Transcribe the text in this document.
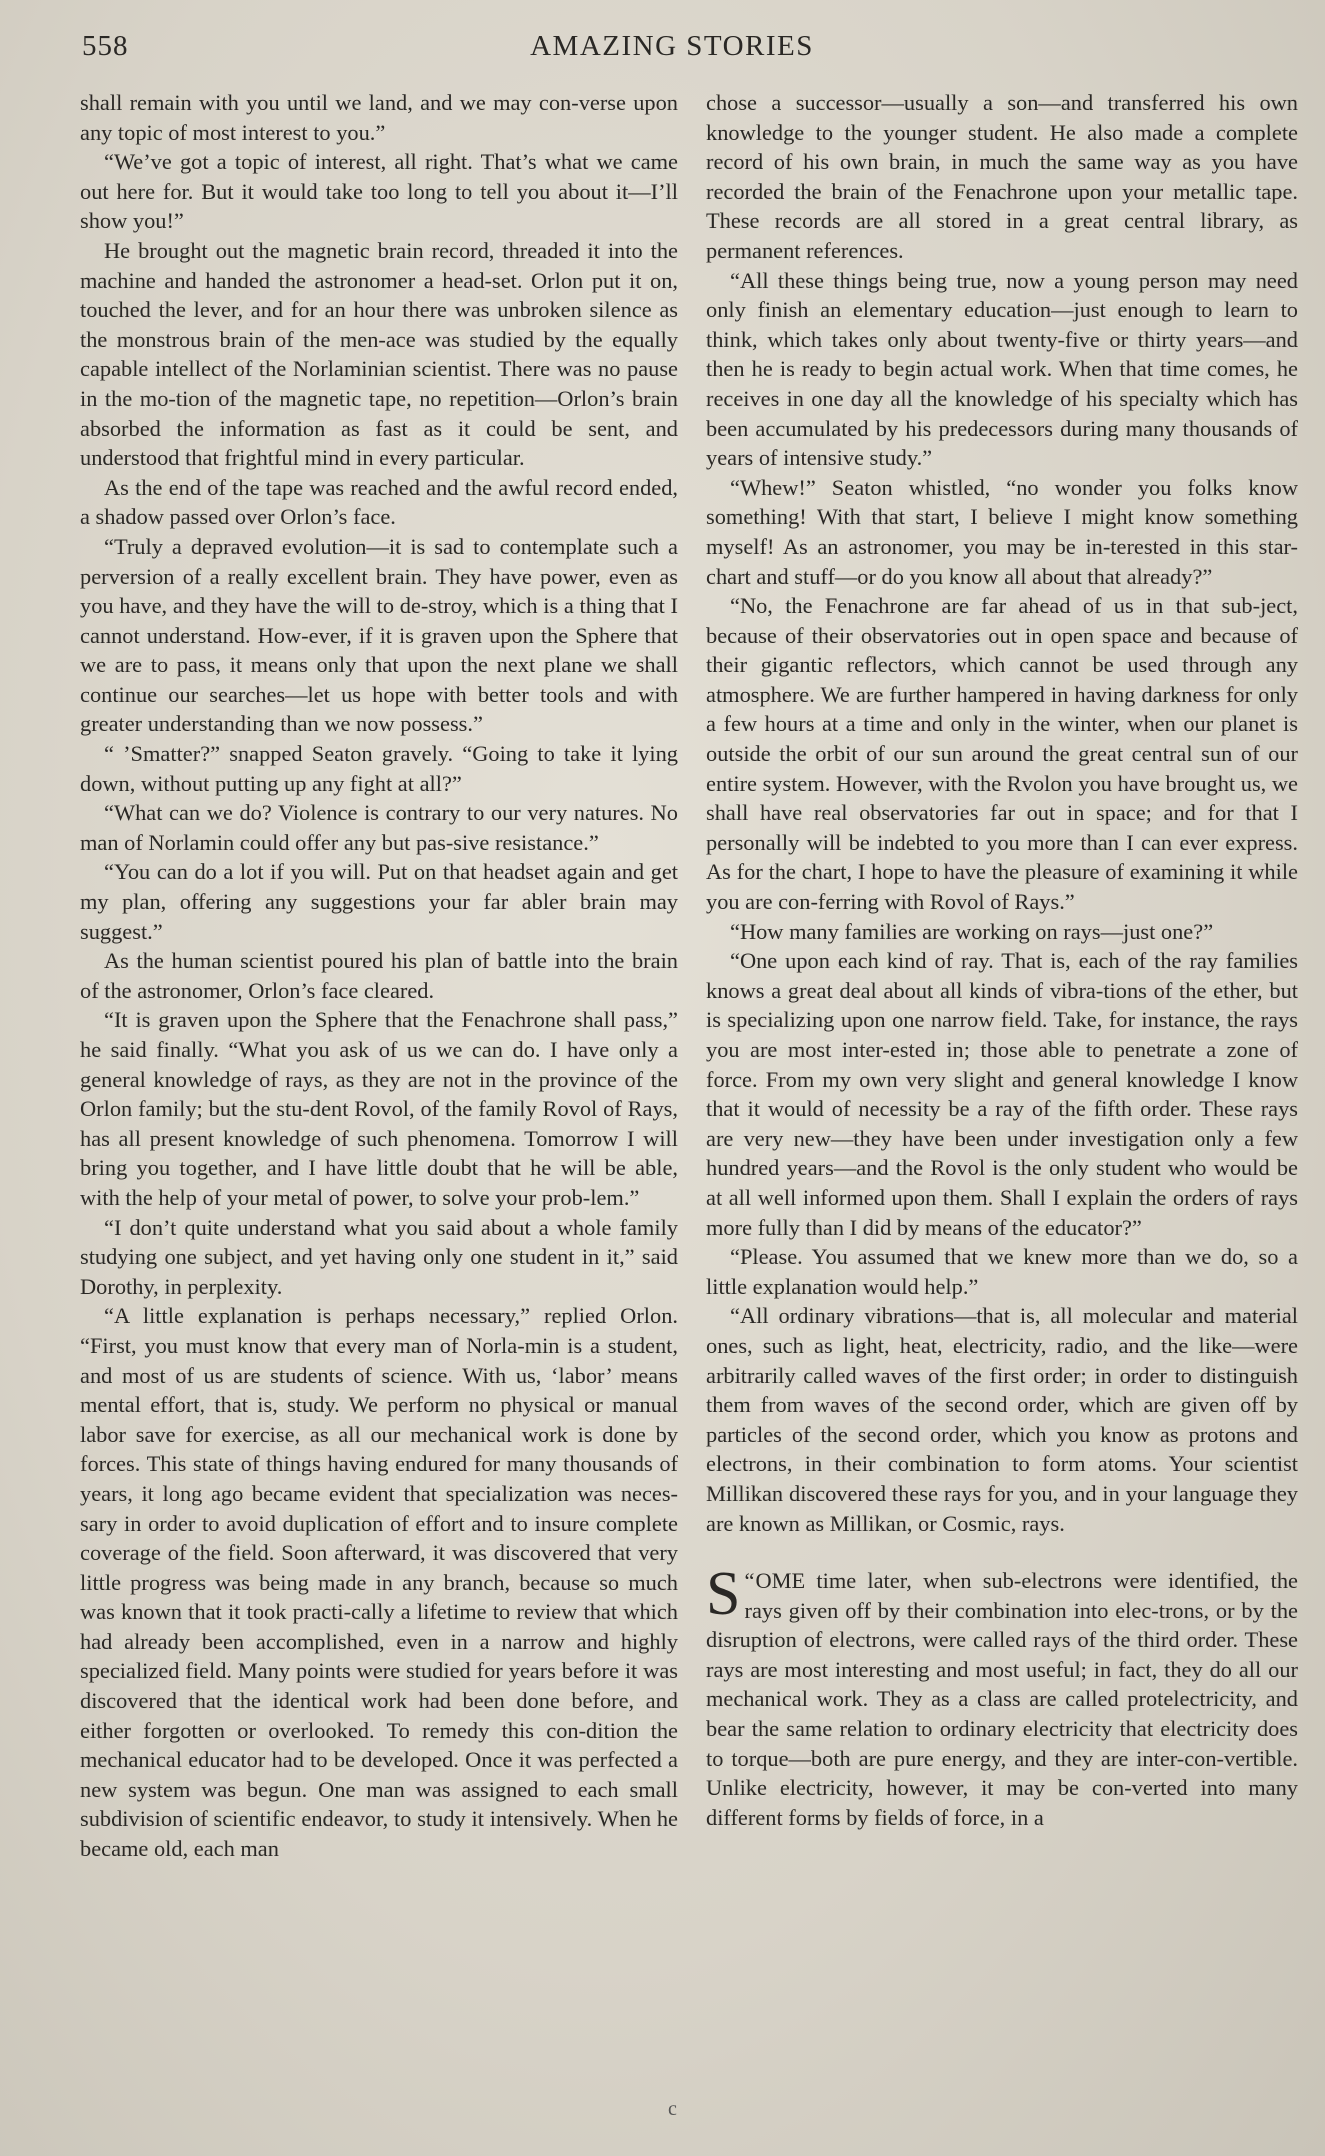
558	AMAZING STORIES

shall remain with you until we land, and we may con-verse upon any topic of most interest to you.”

“We’ve got a topic of interest, all right. That’s what we came out here for. But it would take too long to tell you about it—I’ll show you!”

He brought out the magnetic brain record, threaded it into the machine and handed the astronomer a head-set. Orlon put it on, touched the lever, and for an hour there was unbroken silence as the monstrous brain of the men-ace was studied by the equally capable intellect of the Norlaminian scientist. There was no pause in the mo-tion of the magnetic tape, no repetition—Orlon’s brain absorbed the information as fast as it could be sent, and understood that frightful mind in every particular.

As the end of the tape was reached and the awful record ended, a shadow passed over Orlon’s face.

“Truly a depraved evolution—it is sad to contemplate such a perversion of a really excellent brain. They have power, even as you have, and they have the will to de-stroy, which is a thing that I cannot understand. How-ever, if it is graven upon the Sphere that we are to pass, it means only that upon the next plane we shall continue our searches—let us hope with better tools and with greater understanding than we now possess.”

“ ’Smatter?” snapped Seaton gravely. “Going to take it lying down, without putting up any fight at all?”

“What can we do? Violence is contrary to our very natures. No man of Norlamin could offer any but pas-sive resistance.”

“You can do a lot if you will. Put on that headset again and get my plan, offering any suggestions your far abler brain may suggest.”

As the human scientist poured his plan of battle into the brain of the astronomer, Orlon’s face cleared.

“It is graven upon the Sphere that the Fenachrone shall pass,” he said finally. “What you ask of us we can do. I have only a general knowledge of rays, as they are not in the province of the Orlon family; but the stu-dent Rovol, of the family Rovol of Rays, has all present knowledge of such phenomena. Tomorrow I will bring you together, and I have little doubt that he will be able, with the help of your metal of power, to solve your prob-lem.”

“I don’t quite understand what you said about a whole family studying one subject, and yet having only one student in it,” said Dorothy, in perplexity.

“A little explanation is perhaps necessary,” replied Orlon. “First, you must know that every man of Norla-min is a student, and most of us are students of science. With us, ‘labor’ means mental effort, that is, study. We perform no physical or manual labor save for exercise, as all our mechanical work is done by forces. This state of things having endured for many thousands of years, it long ago became evident that specialization was neces-sary in order to avoid duplication of effort and to insure complete coverage of the field. Soon afterward, it was discovered that very little progress was being made in any branch, because so much was known that it took practi-cally a lifetime to review that which had already been accomplished, even in a narrow and highly specialized field. Many points were studied for years before it was discovered that the identical work had been done before, and either forgotten or overlooked. To remedy this con-dition the mechanical educator had to be developed. Once it was perfected a new system was begun. One man was assigned to each small subdivision of scientific endeavor, to study it intensively. When he became old, each man

chose a successor—usually a son—and transferred his own knowledge to the younger student. He also made a complete record of his own brain, in much the same way as you have recorded the brain of the Fenachrone upon your metallic tape. These records are all stored in a great central library, as permanent references.

“All these things being true, now a young person may need only finish an elementary education—just enough to learn to think, which takes only about twenty-five or thirty years—and then he is ready to begin actual work. When that time comes, he receives in one day all the knowledge of his specialty which has been accumulated by his predecessors during many thousands of years of intensive study.”

“Whew!” Seaton whistled, “no wonder you folks know something! With that start, I believe I might know something myself! As an astronomer, you may be in-terested in this star-chart and stuff—or do you know all about that already?”

“No, the Fenachrone are far ahead of us in that sub-ject, because of their observatories out in open space and because of their gigantic reflectors, which cannot be used through any atmosphere. We are further hampered in having darkness for only a few hours at a time and only in the winter, when our planet is outside the orbit of our sun around the great central sun of our entire system. However, with the Rvolon you have brought us, we shall have real observatories far out in space; and for that I personally will be indebted to you more than I can ever express. As for the chart, I hope to have the pleasure of examining it while you are con-ferring with Rovol of Rays.”

“How many families are working on rays—just one?”

“One upon each kind of ray. That is, each of the ray families knows a great deal about all kinds of vibra-tions of the ether, but is specializing upon one narrow field. Take, for instance, the rays you are most inter-ested in; those able to penetrate a zone of force. From my own very slight and general knowledge I know that it would of necessity be a ray of the fifth order. These rays are very new—they have been under investigation only a few hundred years—and the Rovol is the only student who would be at all well informed upon them. Shall I explain the orders of rays more fully than I did by means of the educator?”

“Please. You assumed that we knew more than we do, so a little explanation would help.”

“All ordinary vibrations—that is, all molecular and material ones, such as light, heat, electricity, radio, and the like—were arbitrarily called waves of the first order; in order to distinguish them from waves of the second order, which are given off by particles of the second order, which you know as protons and electrons, in their combination to form atoms. Your scientist Millikan discovered these rays for you, and in your language they are known as Millikan, or Cosmic, rays.

“
S OME time later, when sub-electrons were identified, the rays given off by their combination into elec-trons, or by the disruption of electrons, were called rays of the third order. These rays are most interesting and most useful; in fact, they do all our mechanical work. They as a class are called protelectricity, and bear the same relation to ordinary electricity that electricity does to torque—both are pure energy, and they are inter-con-vertible. Unlike electricity, however, it may be con-verted into many different forms by fields of force, in a

c
